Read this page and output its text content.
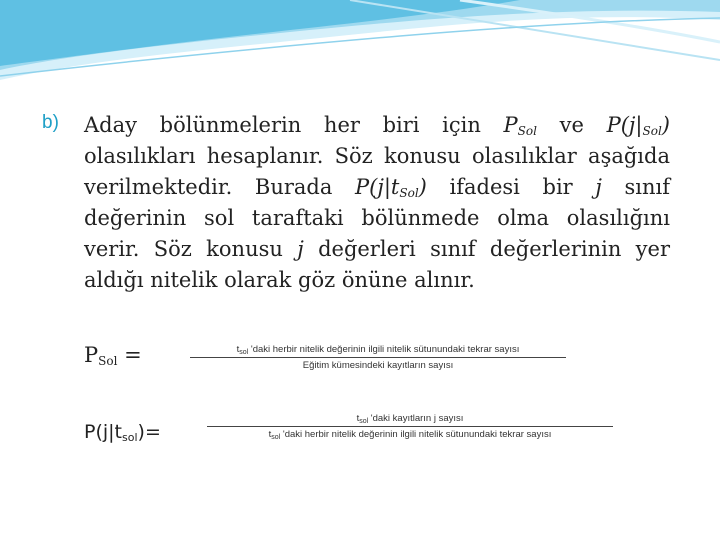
b) Aday bölünmelerin her biri için $P_{Sol}$ ve $P(j|_{Sol})$ olasılıkları hesaplanır. Söz konusu olasılıklar aşağıda verilmektedir. Burada $P(j|t_{Sol})$ ifadesi bir j sınıf değerinin sol taraftaki bölünmede olma olasılığını verir. Söz konusu j değerleri sınıf değerlerinin yer aldığı nitelik olarak göz önüne alınır.
$P_{Sol}$ =	$t_{sol}$ 'daki herbir nitelik değerinin ilgili nitelik sütunundaki tekrar sayısı
Eğitim kümesindeki kayıtların sayısı
$P(j|t_{sol})=$
$t_{sol}$ 'daki kayıtların j sayısı
$t_{sol}$ 'daki herbir nitelik değerinin ilgili nitelik sütunundaki tekrar sayısı
